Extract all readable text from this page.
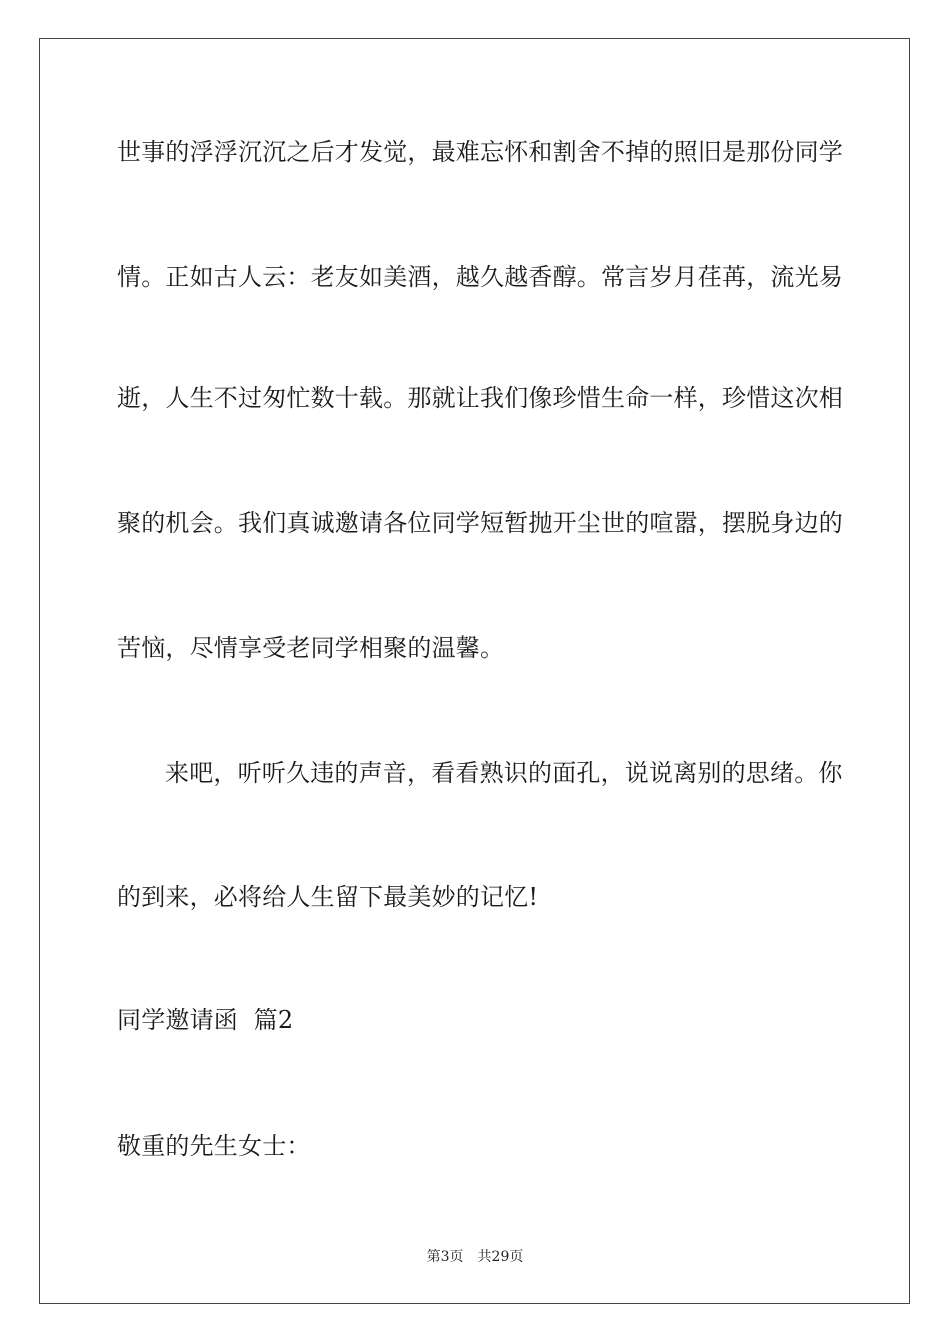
世事的浮浮沉沉之后才发觉，最难忘怀和割舍不掉的照旧是那份同学
情。正如古人云：老友如美酒，越久越香醇。常言岁月荏苒，流光易
逝，人生不过匆忙数十载。那就让我们像珍惜生命一样，珍惜这次相
聚的机会。我们真诚邀请各位同学短暂抛开尘世的喧嚣，摆脱身边的
苦恼，尽情享受老同学相聚的温馨。
来吧，听听久违的声音，看看熟识的面孔，说说离别的思绪。你
的到来，必将给人生留下最美妙的记忆!
同学邀请函  篇2
敬重的先生女士：
第3页 共29页
